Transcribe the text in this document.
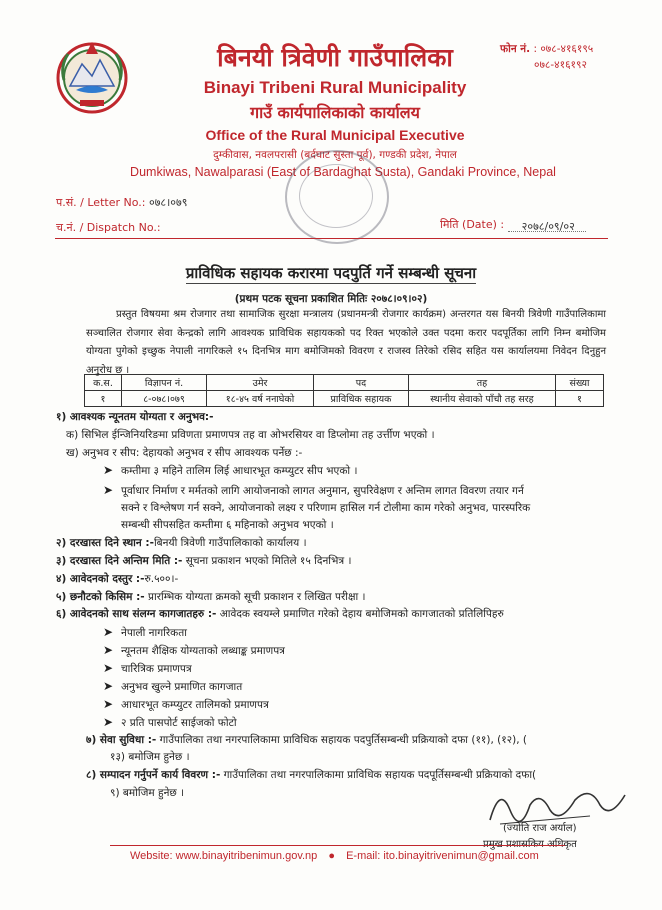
बिनयी त्रिवेणी गाउँपालिका
Binayi Tribeni Rural Municipality
गाउँ कार्यपालिकाको कार्यालय
Office of the Rural Municipal Executive
दुम्कीवास, नवलपरासी (बर्दघाट सुस्ता पूर्व), गण्डकी प्रदेश, नेपाल
Dumkiwas, Nawalparasi (East of Bardaghat Susta), Gandaki Province, Nepal
फोन नं. : ०७८-४१६१९५
०७८-४१६१९२
प.सं. / Letter No.: ०७८।०७९
च.नं. / Dispatch No.:	मिति (Date) : २०७८/०९/०२
प्राविधिक सहायक करारमा पदपुर्ति गर्ने सम्बन्धी सूचना
(प्रथम पटक सूचना प्रकाशित मितिः २०७८।०९।०२)
प्रस्तुत विषयमा श्रम रोजगार तथा सामाजिक सुरक्षा मन्त्रालय (प्रधानमन्त्री रोजगार कार्यक्रम) अन्तरगत यस बिनयी त्रिवेणी गाउँपालिकामा सञ्चालित रोजगार सेवा केन्द्रको लागि आवश्यक प्राविधिक सहायकको पद रिक्त भएकोले उक्त पदमा करार पदपूर्तिका लागि निम्न बमोजिम योग्यता पुगेको इच्छुक नेपाली नागरिकले १५ दिनभित्र माग बमोजिमको विवरण र राजस्व तिरेको रसिद सहित यस कार्यालयमा निवेदन दिनुहुन अनुरोध छ ।
क.स.	विज्ञापन नं.	उमेर	पद	तह	संख्या
१	८-०७८।०७९	१८-४५ वर्ष ननाघेको	प्राविधिक सहायक	स्थानीय सेवाको पाँचौ तह सरह	१
१) आवश्यक न्यूनतम योग्यता र अनुभव:-
क) सिभिल ईन्जिनियरिङमा प्रविणता प्रमाणपत्र तह वा ओभरसियर वा डिप्लोमा तह उर्त्तीण भएको ।
ख) अनुभव र सीप: देहायको अनुभव र सीप आवश्यक पर्नेछ :-
➤ कम्तीमा ३ महिने तालिम लिई आधारभूत कम्प्युटर सीप भएको ।
➤ पूर्वाधार निर्माण र मर्मतको लागि आयोजनाको लागत अनुमान, सुपरिवेक्षण र अन्तिम लागत विवरण तयार गर्न
सक्ने र विश्लेषण गर्न सक्ने, आयोजनाको लक्ष्य र परिणाम हासिल गर्न टोलीमा काम गरेको अनुभव, पारस्परिक
सम्बन्धी सीपसहित कम्तीमा ६ महिनाको अनुभव भएको ।
२) दरखास्त दिने स्थान :-बिनयी त्रिवेणी गाउँपालिकाको कार्यालय ।
३) दरखास्त दिने अन्तिम मिति :- सूचना प्रकाशन भएको मितिले १५ दिनभित्र ।
४) आवेदनको दस्तुर :-रु.५००।-
५) छनौटको किसिम :- प्रारम्भिक योग्यता क्रमको सूची प्रकाशन र लिखित परीक्षा ।
६) आवेदनको साथ संलग्न कागजातहरु :- आवेदक स्वयम्ले प्रमाणित गरेको देहाय बमोजिमको कागजातको प्रतिलिपिहरु
➤ नेपाली नागरिकता
➤ न्यूनतम शैक्षिक योग्यताको लब्धाङ्क प्रमाणपत्र
➤ चारित्रिक प्रमाणपत्र
➤ अनुभव खुल्ने प्रमाणित कागजात
➤ आधारभूत कम्प्युटर तालिमको प्रमाणपत्र
➤ २ प्रति पासपोर्ट साईजको फोटो
७) सेवा सुविधा :- गाउँपालिका तथा नगरपालिकामा प्राविधिक सहायक पदपुर्तिसम्बन्धी प्रक्रियाको दफा (११), (१२), (
१३) बमोजिम हुनेछ ।
८) सम्पादन गर्नुपर्ने कार्य विवरण :- गाउँपालिका तथा नगरपालिकामा प्राविधिक सहायक पदपूर्तिसम्बन्धी प्रक्रियाको दफा(
९) बमोजिम हुनेछ ।
(ज्योति राज अर्याल)
प्रमुख प्रशासकिय अधिकृत
Website: www.binayitribenimun.gov.np ● E-mail: ito.binayitrivenimun@gmail.com
